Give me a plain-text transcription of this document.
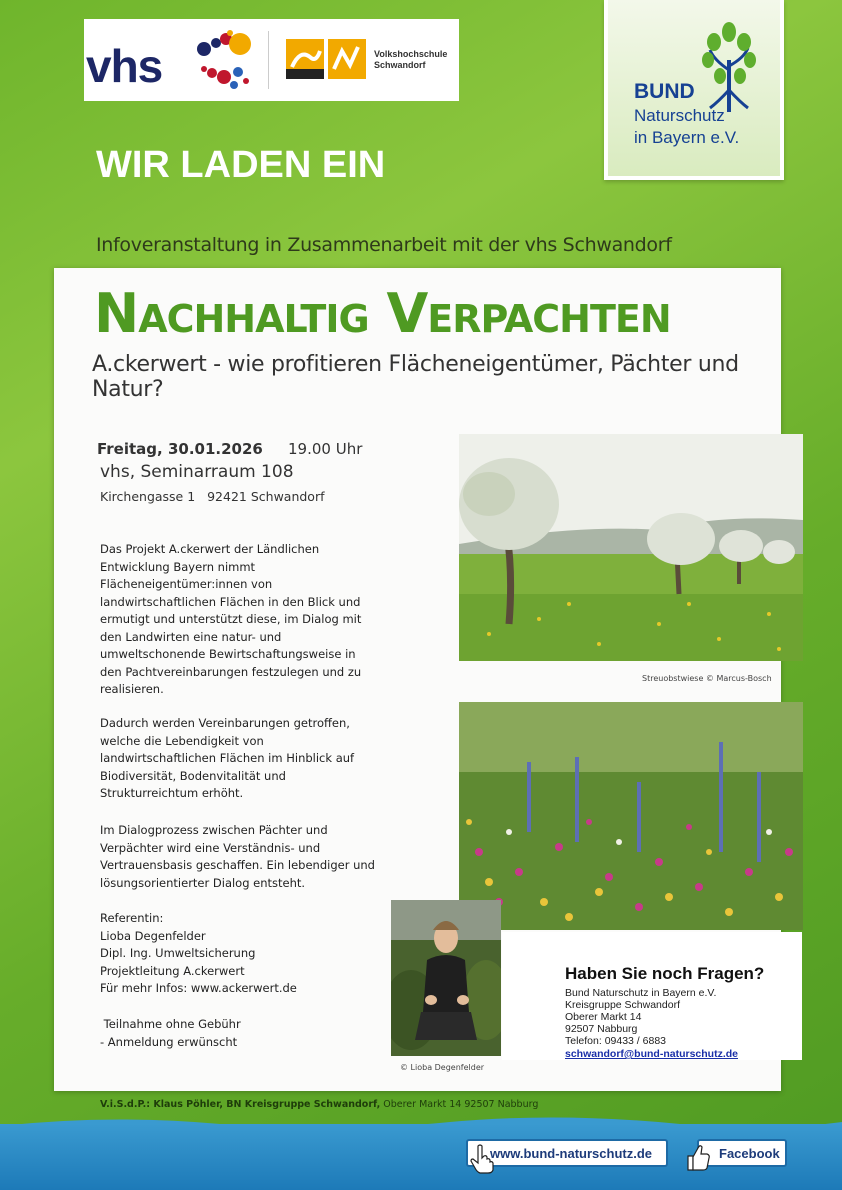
vhs	Volkshochschule
Schwandorf
BUND
Naturschutz
in Bayern e.V.
WIR LADEN EIN
Infoveranstaltung in Zusammenarbeit mit der vhs Schwandorf
Nachhaltig Verpachten
A.ckerwert - wie profitieren Flächeneigentümer, Pächter und Natur?
Freitag, 30.01.2026 19.00 Uhr
vhs, Seminarraum 108
Kirchengasse 1   92421 Schwandorf
Das Projekt A.ckerwert der Ländlichen
Entwicklung Bayern nimmt
Flächeneigentümer:innen von
landwirtschaftlichen Flächen in den Blick und
ermutigt und unterstützt diese, im Dialog mit
den Landwirten eine natur- und
umweltschonende Bewirtschaftungsweise in
den Pachtvereinbarungen festzulegen und zu
realisieren.
Dadurch werden Vereinbarungen getroffen,
welche die Lebendigkeit von
landwirtschaftlichen Flächen im Hinblick auf
Biodiversität, Bodenvitalität und
Strukturreichtum erhöht.
Im Dialogprozess zwischen Pächter und
Verpächter wird eine Verständnis- und
Vertrauensbasis geschaffen. Ein lebendiger und
lösungsorientierter Dialog entsteht.
Referentin:
Lioba Degenfelder
Dipl. Ing. Umweltsicherung
Projektleitung A.ckerwert
Für mehr Infos: www.ackerwert.de
Teilnahme ohne Gebühr
- Anmeldung erwünscht
Streuobstwiese © Marcus-Bosch
Haben Sie noch Fragen?
Bund Naturschutz in Bayern e.V.
Kreisgruppe Schwandorf
Oberer Markt 14
92507 Nabburg
Telefon: 09433 / 6883
schwandorf@bund-naturschutz.de
© Lioba Degenfelder
V.i.S.d.P.: Klaus Pöhler, BN Kreisgruppe Schwandorf, Oberer Markt 14 92507 Nabburg
www.bund-naturschutz.de	Facebook
